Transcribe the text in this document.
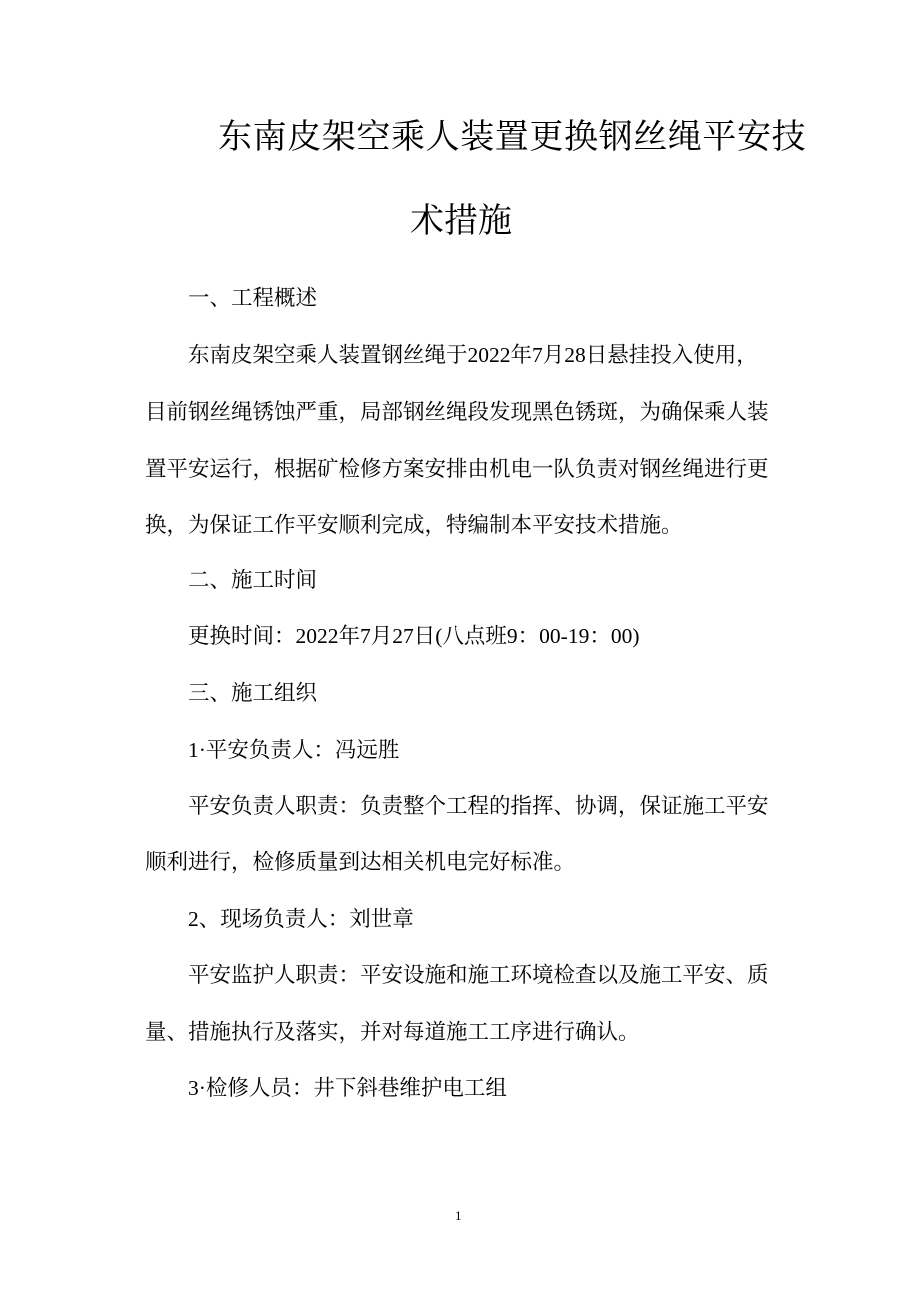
东南皮架空乘人装置更换钢丝绳平安技
术措施
一、工程概述
东南皮架空乘人装置钢丝绳于2022年7月28日悬挂投入使用，
目前钢丝绳锈蚀严重，局部钢丝绳段发现黑色锈斑，为确保乘人装
置平安运行，根据矿检修方案安排由机电一队负责对钢丝绳进行更
换，为保证工作平安顺利完成，特编制本平安技术措施。
二、施工时间
更换时间：2022年7月27日(八点班9：00-19：00)
三、施工组织
1·平安负责人：冯远胜
平安负责人职责：负责整个工程的指挥、协调，保证施工平安
顺利进行，检修质量到达相关机电完好标准。
2、现场负责人：刘世章
平安监护人职责：平安设施和施工环境检查以及施工平安、质
量、措施执行及落实，并对每道施工工序进行确认。
3·检修人员：井下斜巷维护电工组
1
